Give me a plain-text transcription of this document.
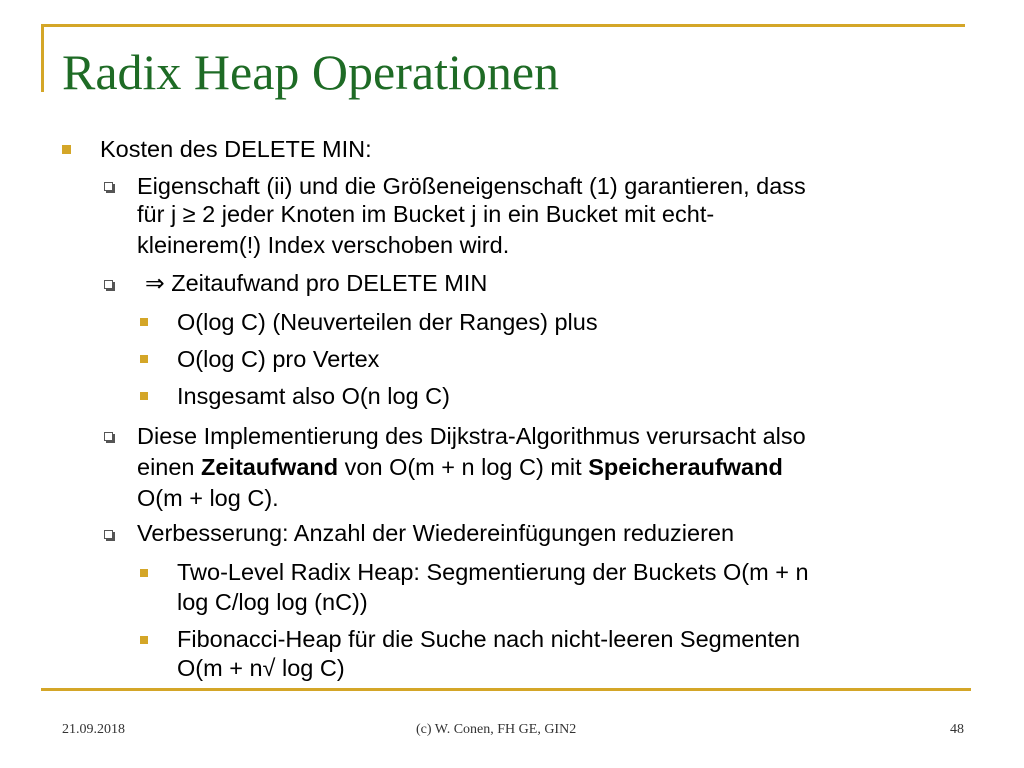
Radix Heap Operationen
Kosten des DELETE MIN:
Eigenschaft (ii) und die Größeneigenschaft (1) garantieren, dass
für j ≥ 2 jeder Knoten im Bucket j in ein Bucket mit echt-
kleinerem(!) Index verschoben wird.
⇒ Zeitaufwand pro DELETE MIN
O(log C) (Neuverteilen der Ranges) plus
O(log C) pro Vertex
Insgesamt also O(n log C)
Diese Implementierung des Dijkstra-Algorithmus verursacht also
einen Zeitaufwand von O(m + n log C) mit Speicheraufwand
O(m + log C).
Verbesserung: Anzahl der Wiedereinfügungen reduzieren
Two-Level Radix Heap: Segmentierung der Buckets O(m + n
log C/log log (nC))
Fibonacci-Heap für die Suche nach nicht-leeren Segmenten
O(m + n√ log C)
21.09.2018	(c) W. Conen, FH GE, GIN2	48
